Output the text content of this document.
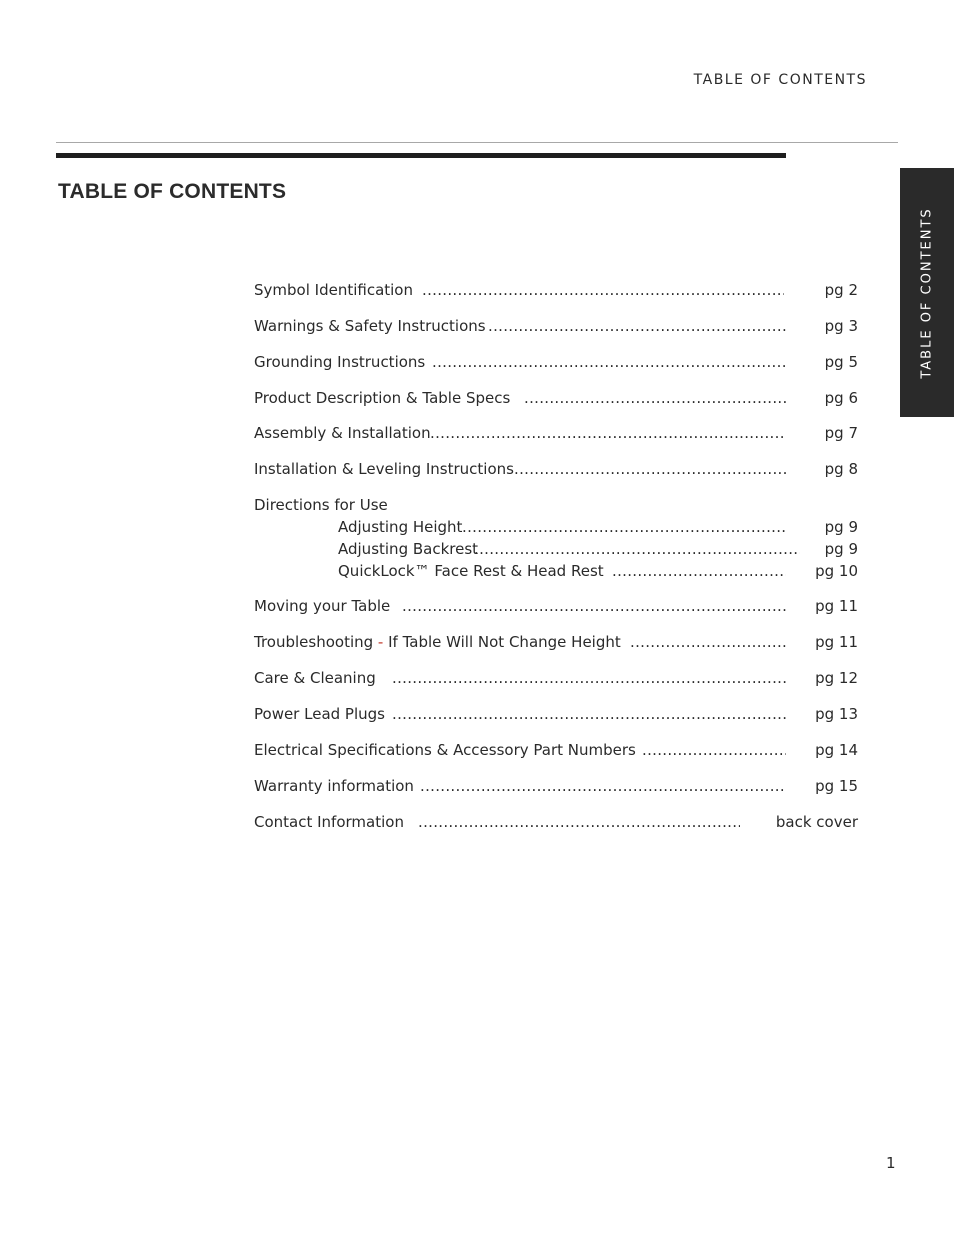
TABLE OF CONTENTS
TABLE OF CONTENTS
TABLE OF CONTENTS
Symbol Identification .....	pg 2
Warnings & Safety Instructions .....	pg 3
Grounding Instructions .....	pg 5
Product Description & Table Specs .....	pg 6
Assembly & Installation .....	pg 7
Installation & Leveling Instructions .....	pg 8
Directions for Use
Adjusting Height .....	pg 9
Adjusting Backrest .....	pg 9
QuickLock™ Face Rest & Head Rest .....	pg 10
Moving your Table .....	pg 11
Troubleshooting - If Table Will Not Change Height .....	pg 11
Care & Cleaning .....	pg 12
Power Lead Plugs .....	pg 13
Electrical Specifications & Accessory Part Numbers .....	pg 14
Warranty information .....	pg 15
Contact Information .....	back cover
1
